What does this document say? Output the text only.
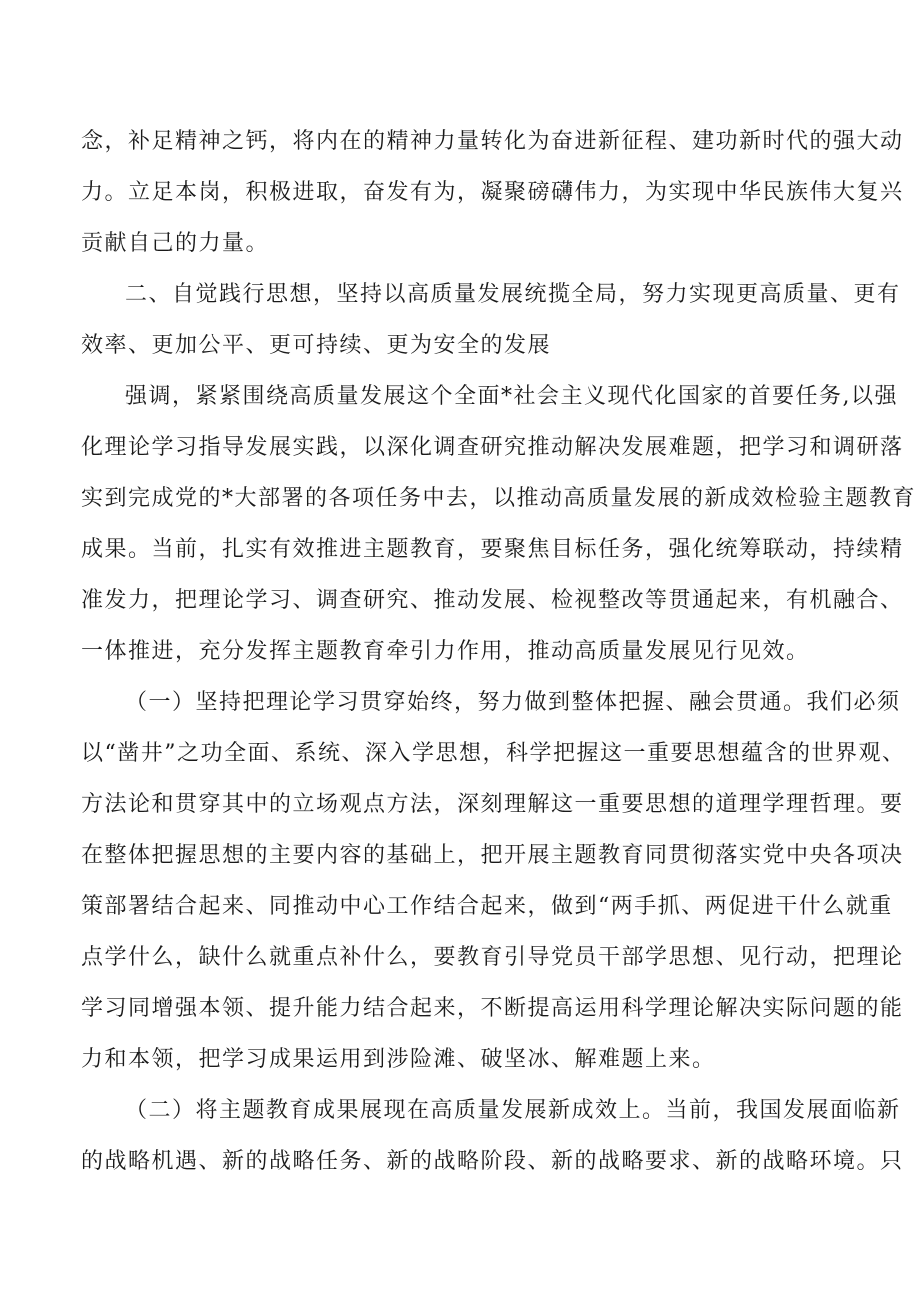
念，补足精神之钙，将内在的精神力量转化为奋进新征程、建功新时代的强大动
力。立足本岗，积极进取，奋发有为，凝聚磅礴伟力，为实现中华民族伟大复兴
贡献自己的力量。
二、自觉践行思想，坚持以高质量发展统揽全局，努力实现更高质量、更有
效率、更加公平、更可持续、更为安全的发展
强调，紧紧围绕高质量发展这个全面*社会主义现代化国家的首要任务,以强
化理论学习指导发展实践，以深化调查研究推动解决发展难题，把学习和调研落
实到完成党的*大部署的各项任务中去，以推动高质量发展的新成效检验主题教育
成果。当前，扎实有效推进主题教育，要聚焦目标任务，强化统筹联动，持续精
准发力，把理论学习、调查研究、推动发展、检视整改等贯通起来，有机融合、
一体推进，充分发挥主题教育牵引力作用，推动高质量发展见行见效。
（一）坚持把理论学习贯穿始终，努力做到整体把握、融会贯通。我们必须
以“凿井”之功全面、系统、深入学思想，科学把握这一重要思想蕴含的世界观、
方法论和贯穿其中的立场观点方法，深刻理解这一重要思想的道理学理哲理。要
在整体把握思想的主要内容的基础上，把开展主题教育同贯彻落实党中央各项决
策部署结合起来、同推动中心工作结合起来，做到“两手抓、两促进干什么就重
点学什么，缺什么就重点补什么，要教育引导党员干部学思想、见行动，把理论
学习同增强本领、提升能力结合起来，不断提高运用科学理论解决实际问题的能
力和本领，把学习成果运用到涉险滩、破坚冰、解难题上来。
（二）将主题教育成果展现在高质量发展新成效上。当前，我国发展面临新
的战略机遇、新的战略任务、新的战略阶段、新的战略要求、新的战略环境。只
